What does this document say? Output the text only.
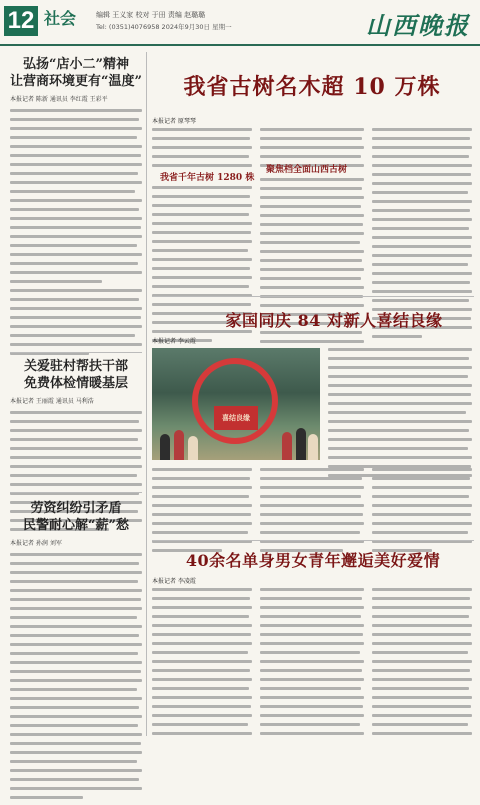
12 社会	编辑 王义家 校对 于田 责编 赵璐璐
Tel: (0351)4076958 2024年9月30日 星期一	山西晚报
弘扬“店小二”精神
让营商环境更有“温度”
本报记者 陈新 通讯员 李红霞 王彩平
关爱驻村帮扶干部
免费体检情暖基层
本报记者 王丽霞 通讯员 马利浩
劳资纠纷引矛盾
民警耐心解“薪”愁
本报记者 孙润 刘军
我省古树名木超 10 万株
本报记者 原琴琴
我省千年古树 1280 株
聚焦档全面山西古树
家国同庆 84 对新人喜结良缘
本报记者 李云霞
喜结良缘
40余名单身男女青年邂逅美好爱情
本报记者 李凌霞
